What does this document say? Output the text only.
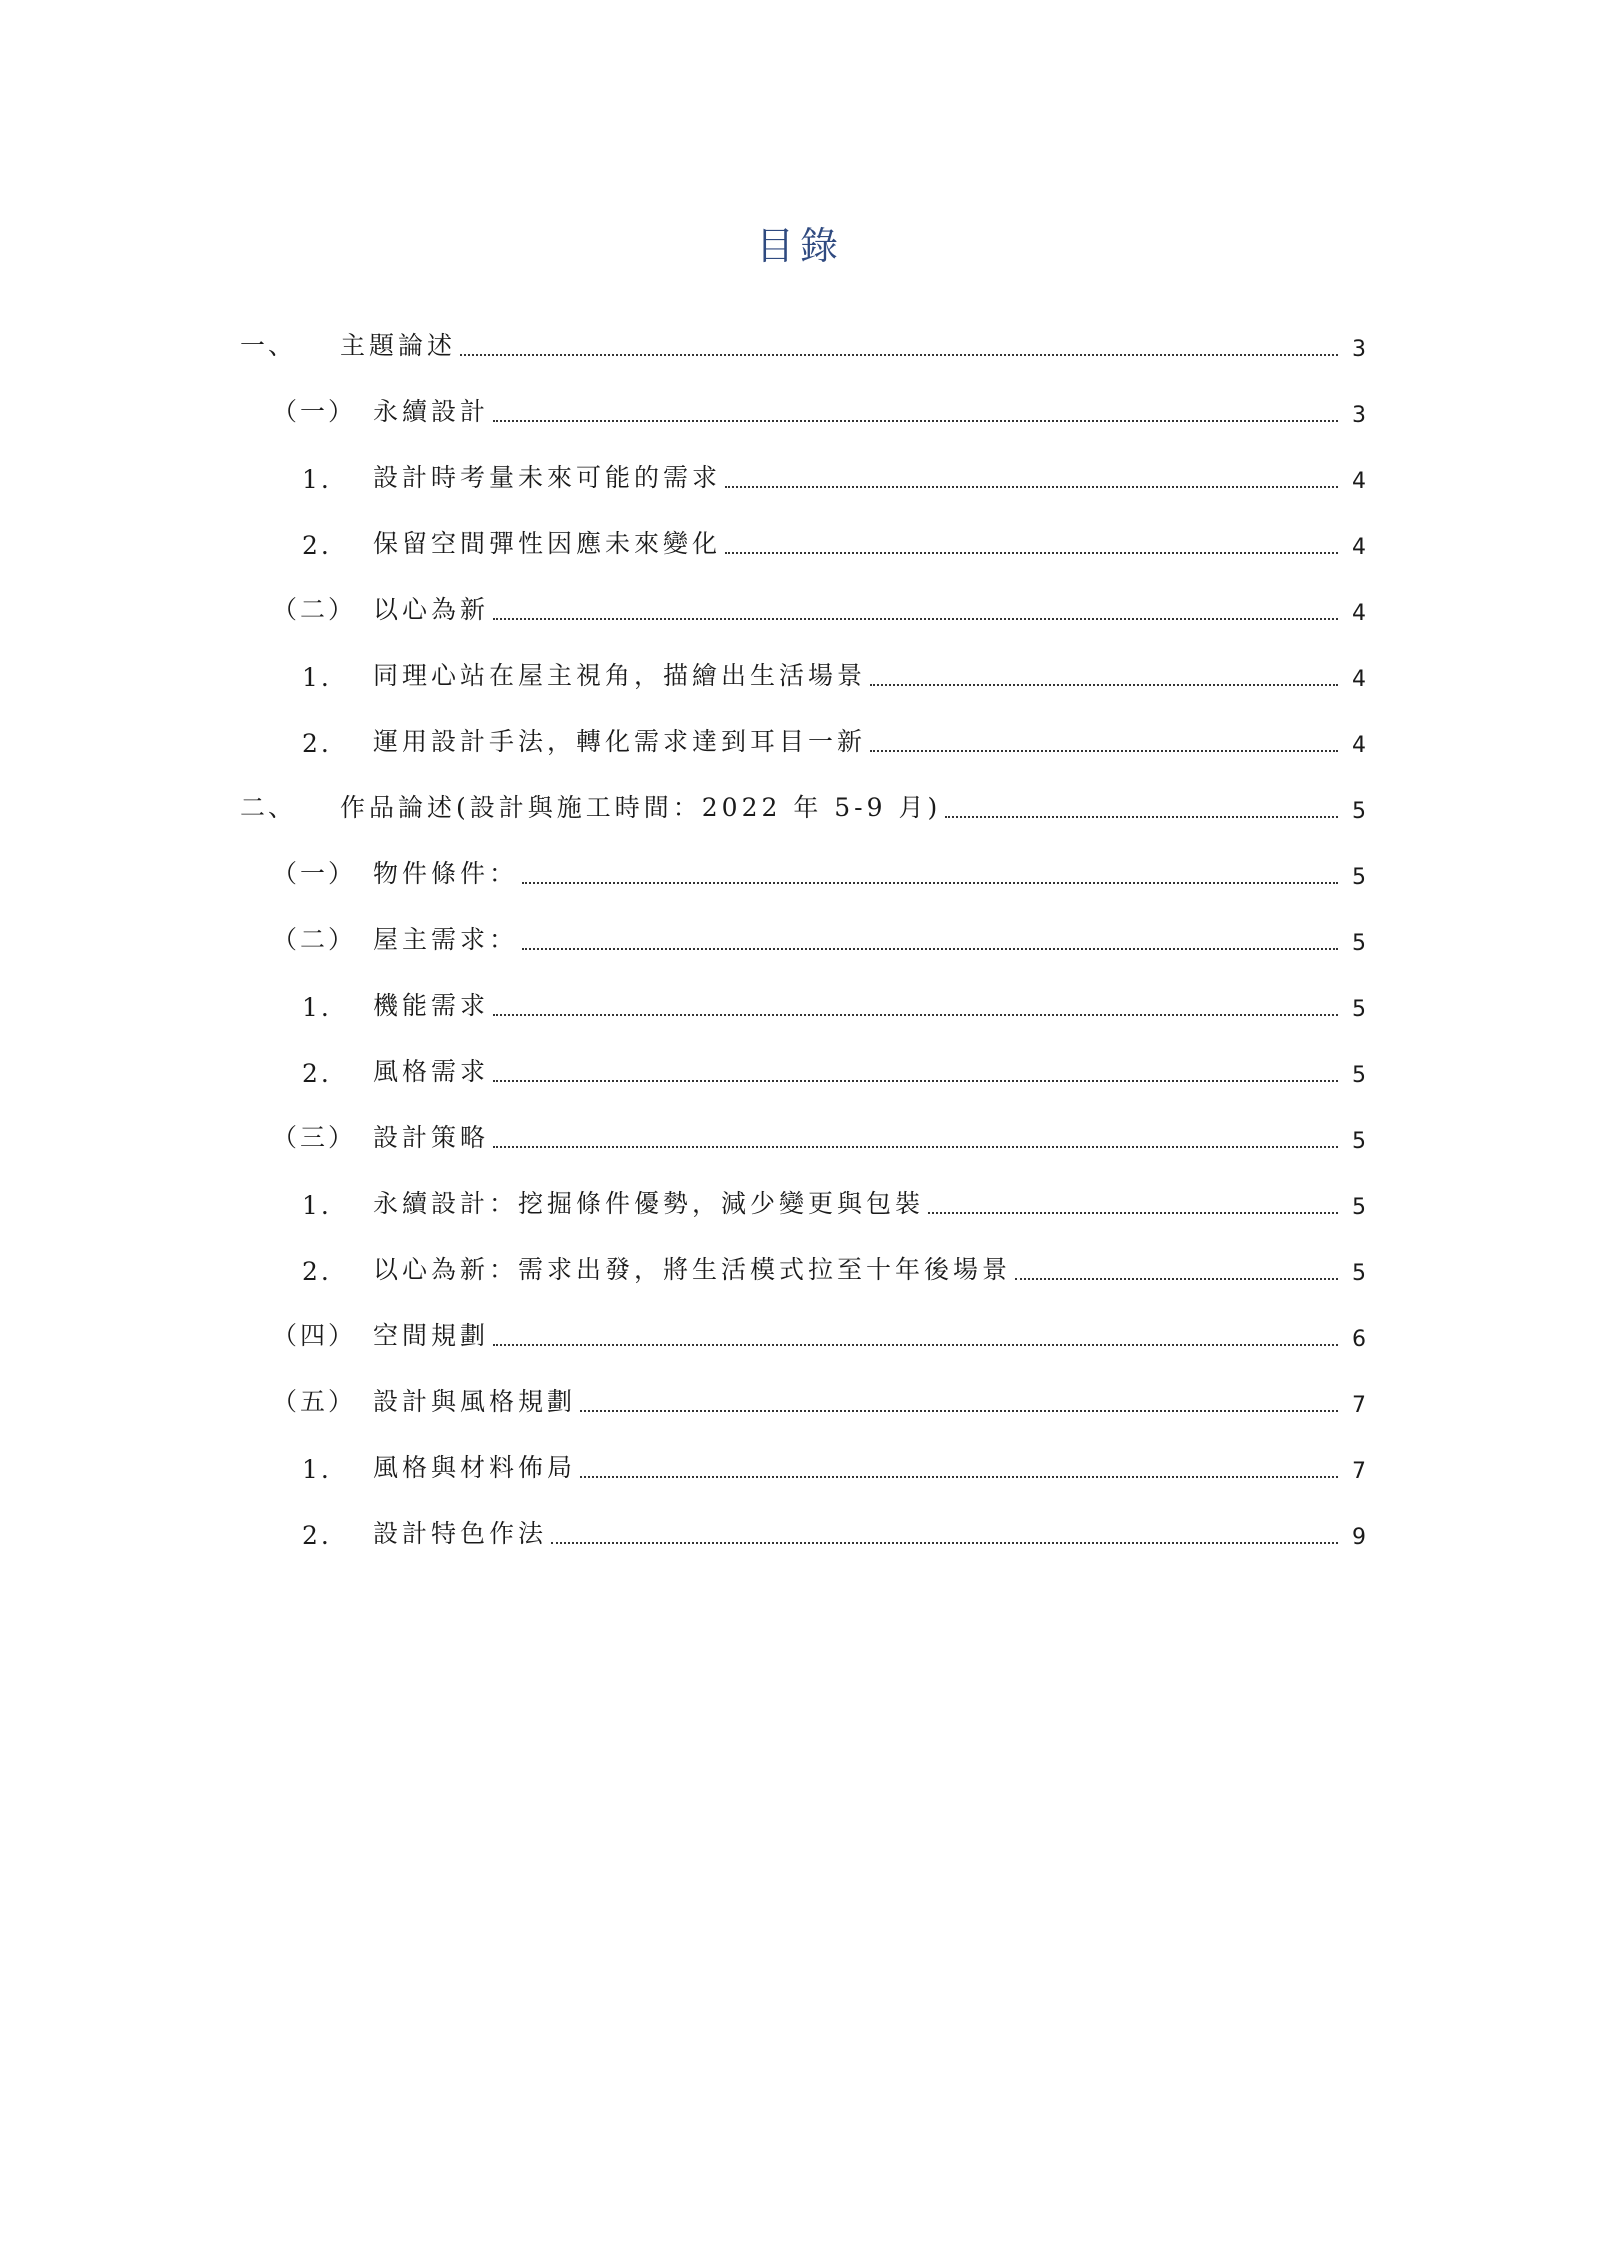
目錄
一、 主題論述	3
（一） 永續設計	3
1. 設計時考量未來可能的需求	4
2. 保留空間彈性因應未來變化	4
（二） 以心為新	4
1. 同理心站在屋主視角，描繪出生活場景	4
2. 運用設計手法，轉化需求達到耳目一新	4
二、 作品論述(設計與施工時間：2022 年 5-9 月)	5
（一） 物件條件：	5
（二） 屋主需求：	5
1. 機能需求	5
2. 風格需求	5
（三） 設計策略	5
1. 永續設計：挖掘條件優勢，減少變更與包裝	5
2. 以心為新：需求出發，將生活模式拉至十年後場景	5
（四） 空間規劃	6
（五） 設計與風格規劃	7
1. 風格與材料佈局	7
2. 設計特色作法	9
